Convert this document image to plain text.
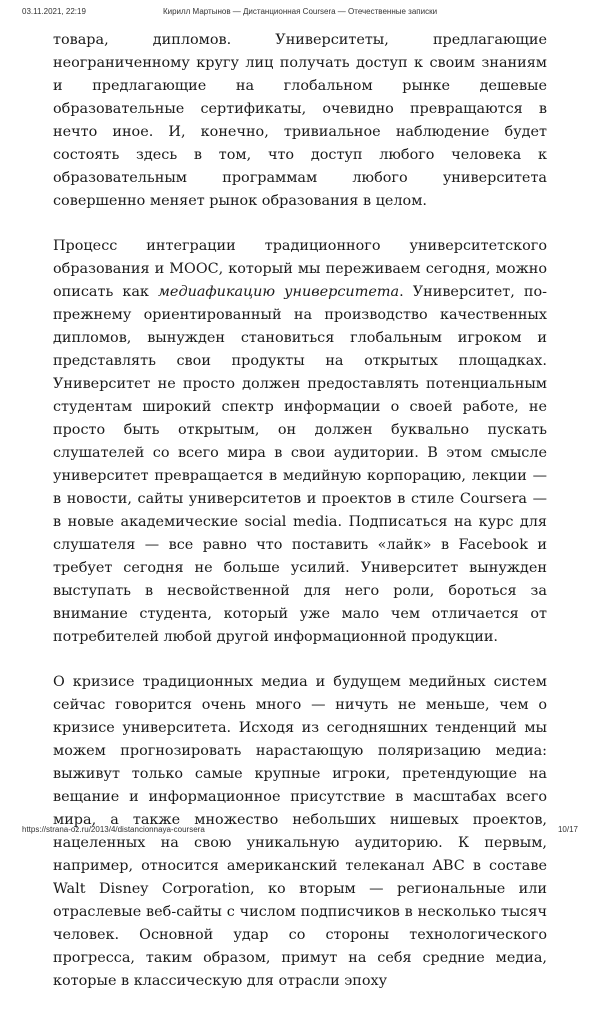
03.11.2021, 22:19	Кирилл Мартынов — Дистанционная Coursera — Отечественные записки

товара, дипломов. Университеты, предлагающие неограниченному кругу лиц получать доступ к своим знаниям и предлагающие на глобальном рынке дешевые образовательные сертификаты, очевидно превращаются в нечто иное. И, конечно, тривиальное наблюдение будет состоять здесь в том, что доступ любого человека к образовательным программам любого университета совершенно меняет рынок образования в целом.

Процесс интеграции традиционного университетского образования и МООС, который мы переживаем сегодня, можно описать как медиафикацию университета. Университет, по-прежнему ориентированный на производство качественных дипломов, вынужден становиться глобальным игроком и представлять свои продукты на открытых площадках. Университет не просто должен предоставлять потенциальным студентам широкий спектр информации о своей работе, не просто быть открытым, он должен буквально пускать слушателей со всего мира в свои аудитории. В этом смысле университет превращается в медийную корпорацию, лекции — в новости, сайты университетов и проектов в стиле Coursera — в новые академические social media. Подписаться на курс для слушателя — все равно что поставить «лайк» в Facebook и требует сегодня не больше усилий. Университет вынужден выступать в несвойственной для него роли, бороться за внимание студента, который уже мало чем отличается от потребителей любой другой информационной продукции.

О кризисе традиционных медиа и будущем медийных систем сейчас говорится очень много — ничуть не меньше, чем о кризисе университета. Исходя из сегодняшних тенденций мы можем прогнозировать нарастающую поляризацию медиа: выживут только самые крупные игроки, претендующие на вещание и информационное присутствие в масштабах всего мира, а также множество небольших нишевых проектов, нацеленных на свою уникальную аудиторию. К первым, например, относится американский телеканал ABC в составе Walt Disney Corporation, ко вторым — региональные или отраслевые веб-сайты с числом подписчиков в несколько тысяч человек. Основной удар со стороны технологического прогресса, таким образом, примут на себя средние медиа, которые в классическую для отрасли эпоху

https://strana-oz.ru/2013/4/distancionnaya-coursera	10/17
